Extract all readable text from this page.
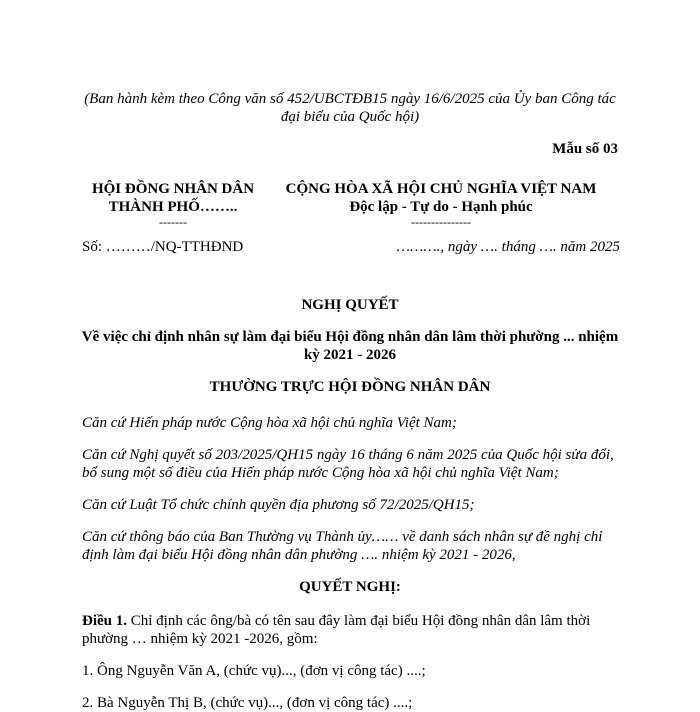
(Ban hành kèm theo Công văn số 452/UBCTĐB15 ngày 16/6/2025 của Ủy ban Công tác đại biểu của Quốc hội)
Mẫu số 03
HỘI ĐỒNG NHÂN DÂN
THÀNH PHỐ……..
-------
CỘNG HÒA XÃ HỘI CHỦ NGHĨA VIỆT NAM
Độc lập - Tự do - Hạnh phúc
---------------
Số: ………/NQ-TTHĐND	………., ngày …. tháng …. năm 2025
NGHỊ QUYẾT
Về việc chỉ định nhân sự làm đại biểu Hội đồng nhân dân lâm thời phường ... nhiệm kỳ 2021 - 2026
THƯỜNG TRỰC HỘI ĐỒNG NHÂN DÂN
Căn cứ Hiến pháp nước Cộng hòa xã hội chủ nghĩa Việt Nam;
Căn cứ Nghị quyết số 203/2025/QH15 ngày 16 tháng 6 năm 2025 của Quốc hội sửa đổi, bổ sung một số điều của Hiến pháp nước Cộng hòa xã hội chủ nghĩa Việt Nam;
Căn cứ Luật Tổ chức chính quyền địa phương số 72/2025/QH15;
Căn cứ thông báo của Ban Thường vụ Thành ủy…… về danh sách nhân sự đề nghị chỉ định làm đại biểu Hội đồng nhân dân phường …. nhiệm kỳ 2021 - 2026,
QUYẾT NGHỊ:
Điều 1. Chỉ định các ông/bà có tên sau đây làm đại biểu Hội đồng nhân dân lâm thời phường … nhiệm kỳ 2021 -2026, gồm:
1. Ông Nguyễn Văn A, (chức vụ)..., (đơn vị công tác) ....;
2. Bà Nguyễn Thị B, (chức vụ)..., (đơn vị công tác) ....;
